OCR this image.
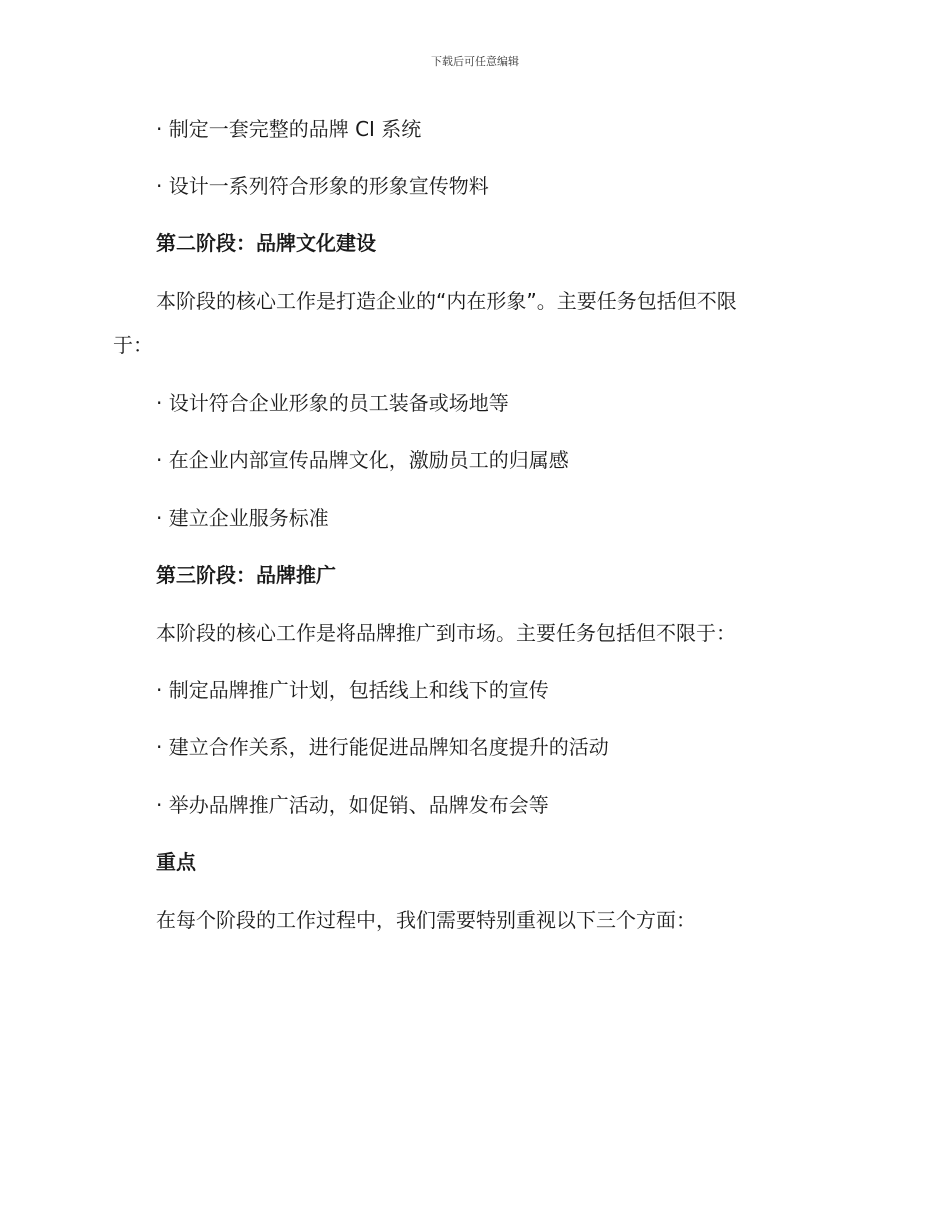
下载后可任意编辑
· 制定一套完整的品牌 CI 系统
· 设计一系列符合形象的形象宣传物料
第二阶段：品牌文化建设
本阶段的核心工作是打造企业的“内在形象”。主要任务包括但不限
于：
· 设计符合企业形象的员工装备或场地等
· 在企业内部宣传品牌文化，激励员工的归属感
· 建立企业服务标准
第三阶段：品牌推广
本阶段的核心工作是将品牌推广到市场。主要任务包括但不限于：
· 制定品牌推广计划，包括线上和线下的宣传
· 建立合作关系，进行能促进品牌知名度提升的活动
· 举办品牌推广活动，如促销、品牌发布会等
重点
在每个阶段的工作过程中，我们需要特别重视以下三个方面：
